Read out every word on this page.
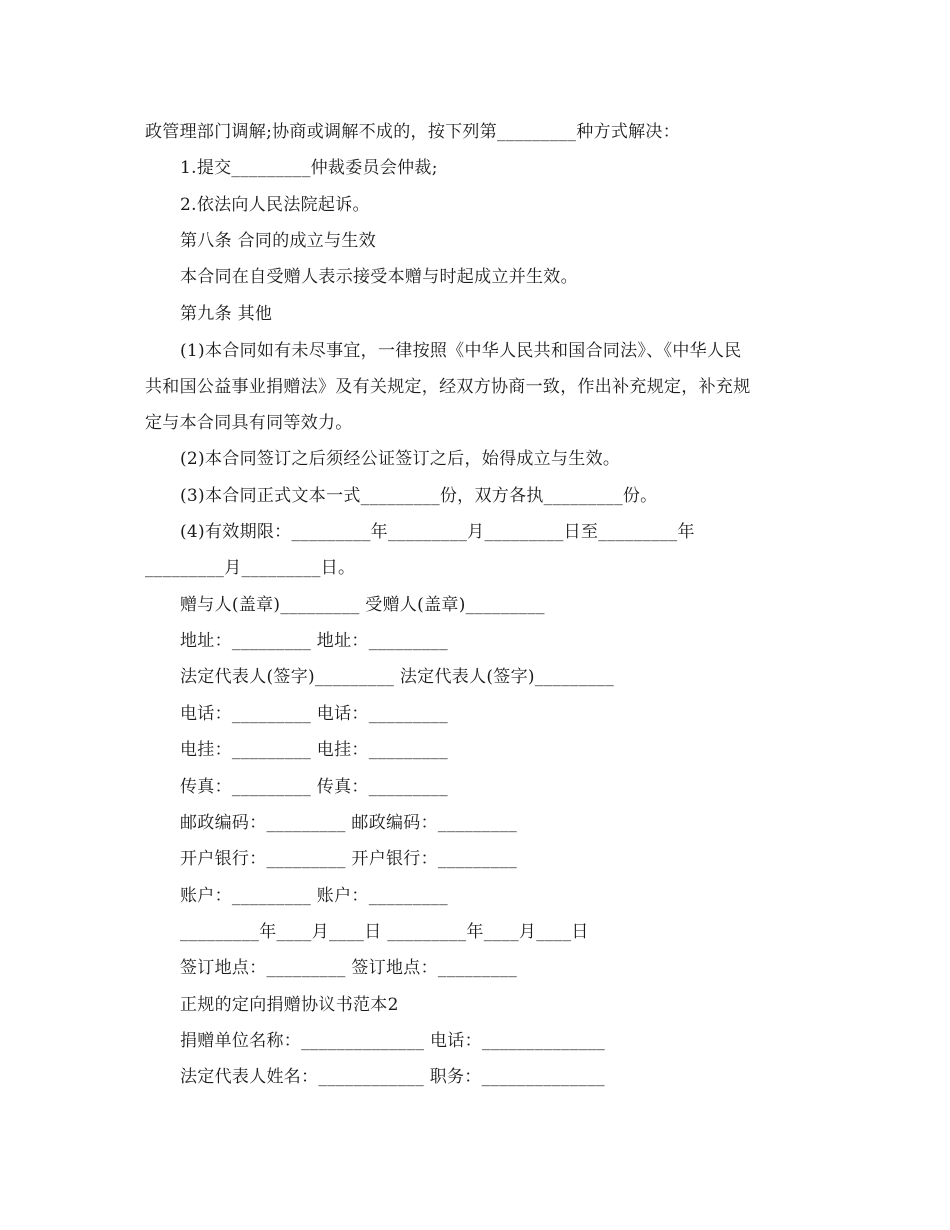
政管理部门调解;协商或调解不成的，按下列第_________种方式解决：
1.提交_________仲裁委员会仲裁;
2.依法向人民法院起诉。
第八条 合同的成立与生效
本合同在自受赠人表示接受本赠与时起成立并生效。
第九条 其他
(1)本合同如有未尽事宜，一律按照《中华人民共和国合同法》、《中华人民
共和国公益事业捐赠法》及有关规定，经双方协商一致，作出补充规定，补充规
定与本合同具有同等效力。
(2)本合同签订之后须经公证签订之后，始得成立与生效。
(3)本合同正式文本一式_________份，双方各执_________份。
(4)有效期限：_________年_________月_________日至_________年
_________月_________日。
赠与人(盖章)_________ 受赠人(盖章)_________
地址：_________ 地址：_________
法定代表人(签字)_________ 法定代表人(签字)_________
电话：_________ 电话：_________
电挂：_________ 电挂：_________
传真：_________ 传真：_________
邮政编码：_________ 邮政编码：_________
开户银行：_________ 开户银行：_________
账户：_________ 账户：_________
_________年____月____日 _________年____月____日
签订地点：_________ 签订地点：_________
正规的定向捐赠协议书范本2
捐赠单位名称：______________ 电话：______________
法定代表人姓名：____________ 职务：______________
